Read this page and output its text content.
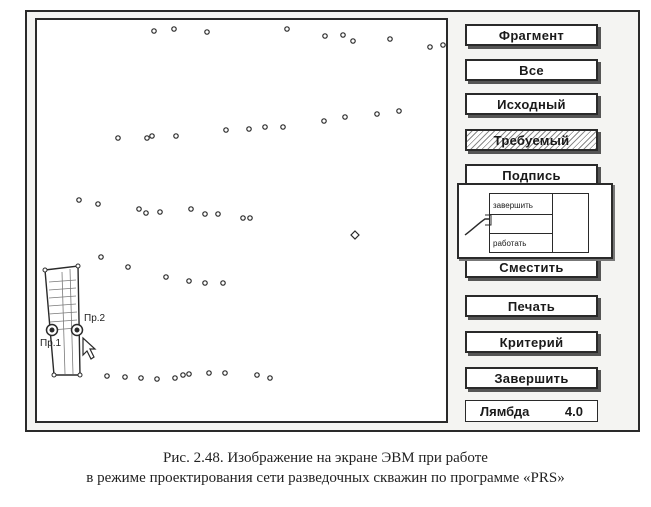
Пр.1
Пр.2
Фрагмент
Все
Исходный
Требуемый
Подпись
Сместить
Печать
Критерий
Завершить
завершить
работать
Лямбда	4.0
Рис. 2.48. Изображение на экране ЭВМ при работе
в режиме проектирования сети разведочных скважин по программе «PRS»
